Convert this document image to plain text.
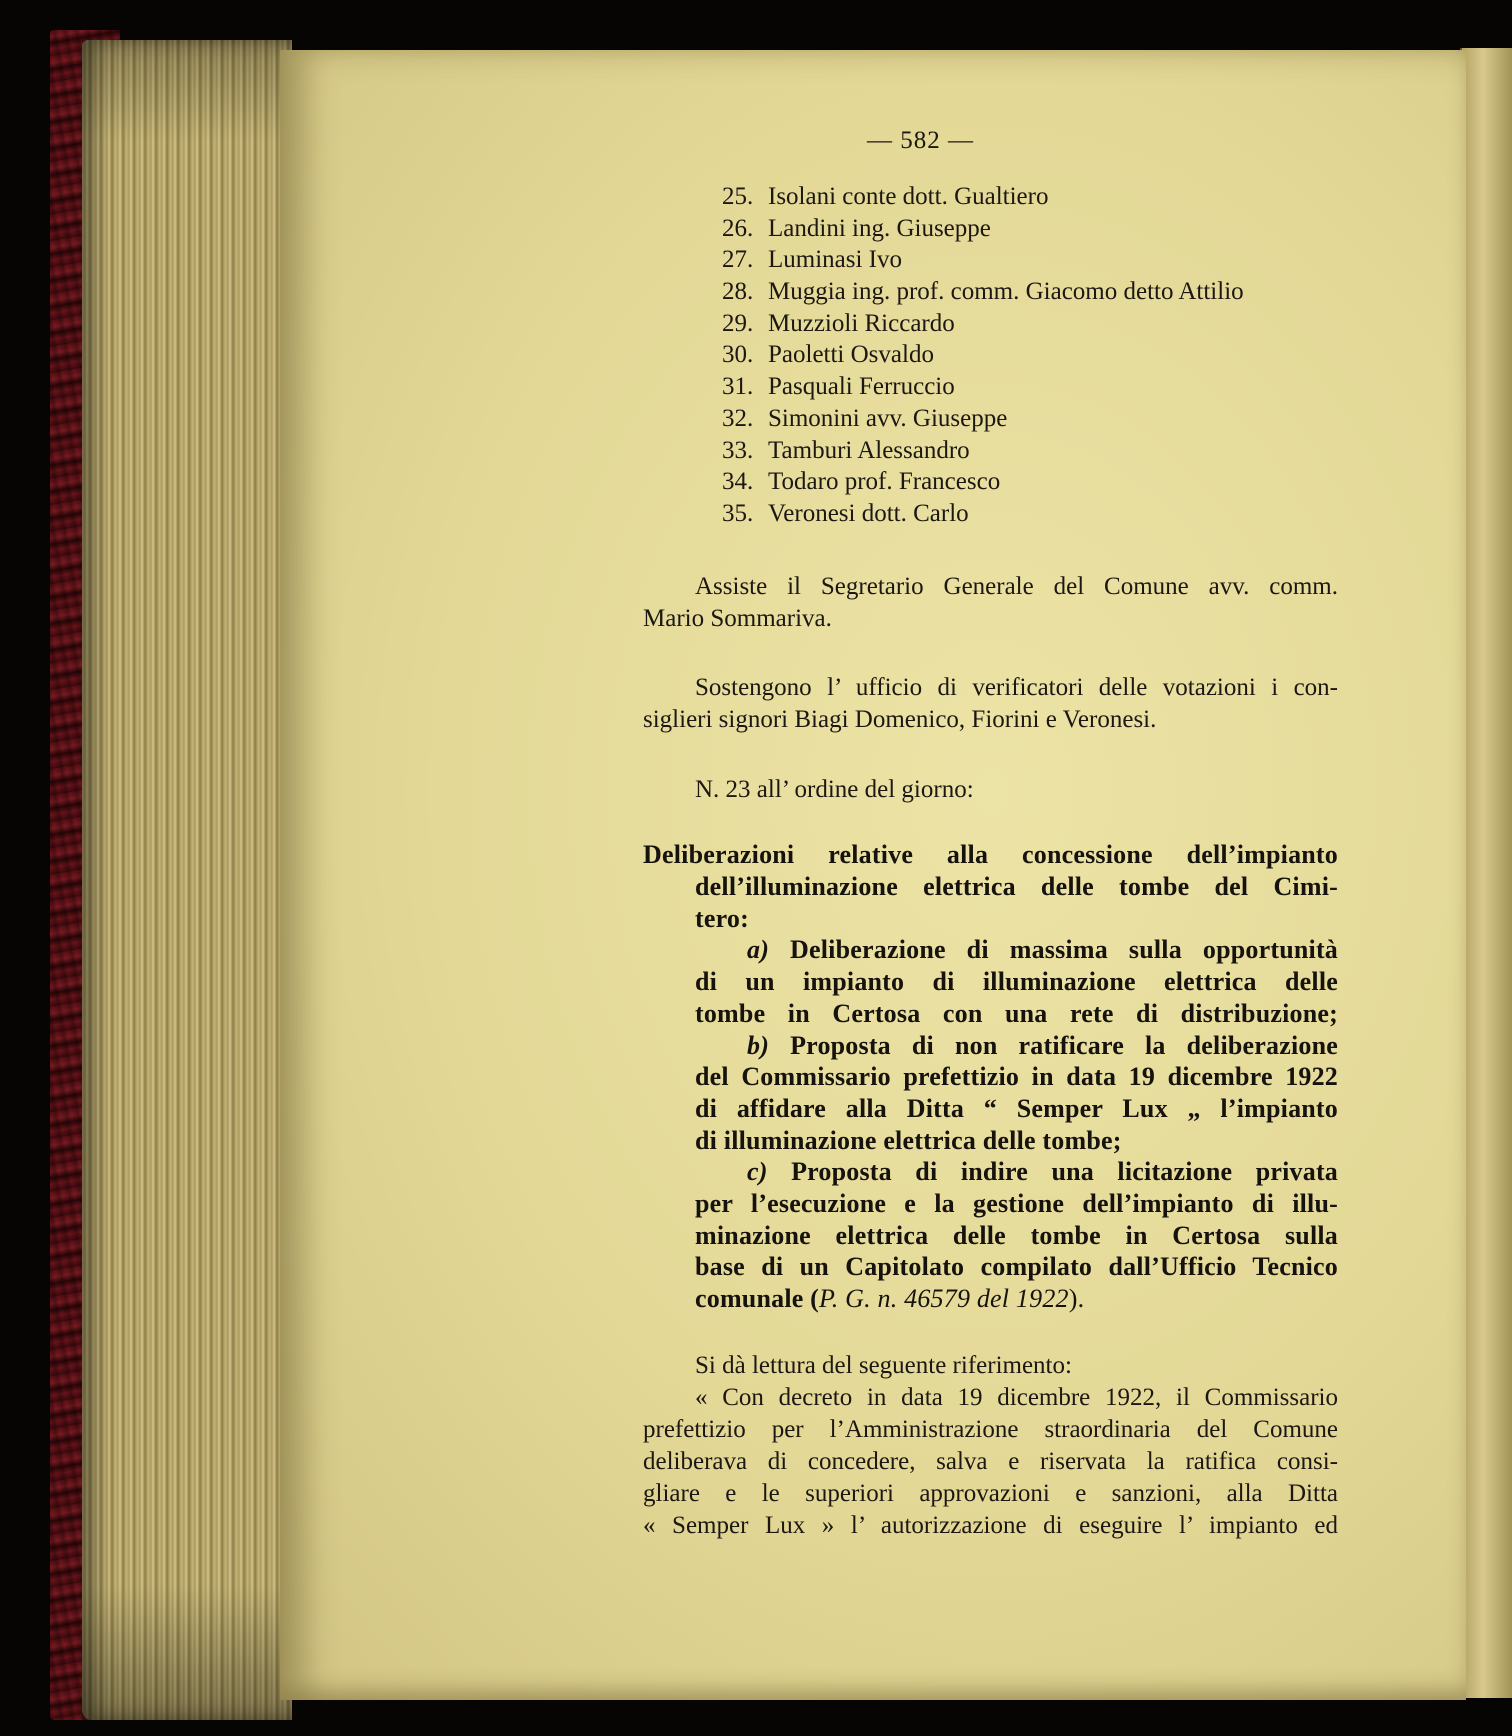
— 582 —
25. Isolani conte dott. Gualtiero
26. Landini ing. Giuseppe
27. Luminasi Ivo
28. Muggia ing. prof. comm. Giacomo detto Attilio
29. Muzzioli Riccardo
30. Paoletti Osvaldo
31. Pasquali Ferruccio
32. Simonini avv. Giuseppe
33. Tamburi Alessandro
34. Todaro prof. Francesco
35. Veronesi dott. Carlo
Assiste il Segretario Generale del Comune avv. comm.
Mario Sommariva.
Sostengono l’ ufficio di verificatori delle votazioni i con-
siglieri signori Biagi Domenico, Fiorini e Veronesi.
N. 23 all’ ordine del giorno:
Deliberazioni relative alla concessione dell’impianto
dell’illuminazione elettrica delle tombe del Cimi-
tero:
a) Deliberazione di massima sulla opportunità
di un impianto di illuminazione elettrica delle
tombe in Certosa con una rete di distribuzione;
b) Proposta di non ratificare la deliberazione
del Commissario prefettizio in data 19 dicembre 1922
di affidare alla Ditta “ Semper Lux „ l’impianto
di illuminazione elettrica delle tombe;
c) Proposta di indire una licitazione privata
per l’esecuzione e la gestione dell’impianto di illu-
minazione elettrica delle tombe in Certosa sulla
base di un Capitolato compilato dall’Ufficio Tecnico
comunale (P. G. n. 46579 del 1922).
Si dà lettura del seguente riferimento:
« Con decreto in data 19 dicembre 1922, il Commissario
prefettizio per l’Amministrazione straordinaria del Comune
deliberava di concedere, salva e riservata la ratifica consi-
gliare e le superiori approvazioni e sanzioni, alla Ditta
« Semper Lux » l’ autorizzazione di eseguire l’ impianto ed
